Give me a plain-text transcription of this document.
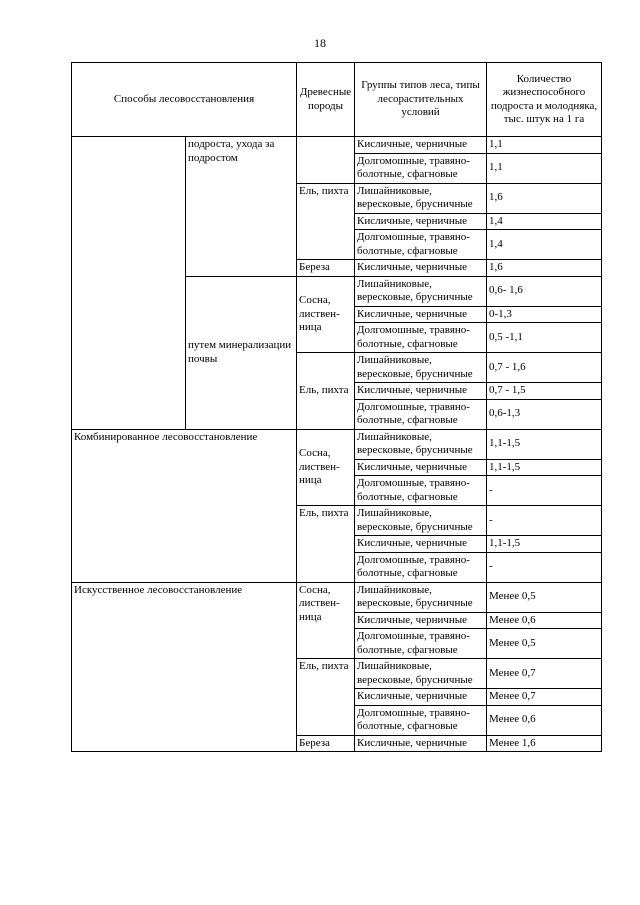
18
Способы лесовосстановления		Древесные породы	Группы типов леса, типы лесорастительных условий	Количество жизнеспособного подроста и молодняка, тыс. штук на 1 га
	подроста, ухода за подростом		Кисличные, черничные	1,1
			Долгомошные, травяно-болотные, сфагновые	1,1
		Ель, пихта	Лишайниковые, вересковые, брусничные	1,6
			Кисличные, черничные	1,4
			Долгомошные, травяно-болотные, сфагновые	1,4
		Береза	Кисличные, черничные	1,6
	путем минерализации почвы	Сосна, листвен-ница	Лишайниковые, вересковые, брусничные	0,6- 1,6
			Кисличные, черничные	0-1,3
			Долгомошные, травяно-болотные, сфагновые	0,5 -1,1
		Ель, пихта	Лишайниковые, вересковые, брусничные	0,7 - 1,6
			Кисличные, черничные	0,7 - 1,5
			Долгомошные, травяно-болотные, сфагновые	0,6-1,3
Комбинированное лесовосстановление		Сосна, листвен-ница	Лишайниковые, вересковые, брусничные	1,1-1,5
			Кисличные, черничные	1,1-1,5
			Долгомошные, травяно-болотные, сфагновые	-
		Ель, пихта	Лишайниковые, вересковые, брусничные	-
			Кисличные, черничные	1,1-1,5
			Долгомошные, травяно-болотные, сфагновые	-
Искусственное лесовосстановление		Сосна, листвен-ница	Лишайниковые, вересковые, брусничные	Менее 0,5
			Кисличные, черничные	Менее 0,6
			Долгомошные, травяно-болотные, сфагновые	Менее 0,5
		Ель, пихта	Лишайниковые, вересковые, брусничные	Менее 0,7
			Кисличные, черничные	Менее 0,7
			Долгомошные, травяно-болотные, сфагновые	Менее 0,6
		Береза	Кисличные, черничные	Менее 1,6
